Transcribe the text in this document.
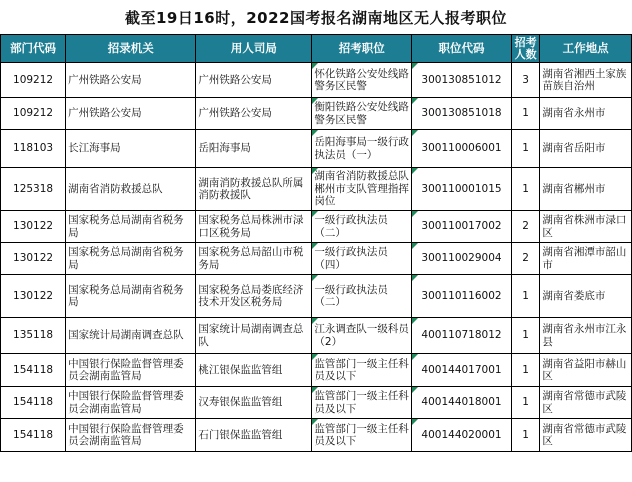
截至19日16时，2022国考报名湖南地区无人报考职位
部门代码	招录机关	用人司局	招考职位	职位代码	招考人数	工作地点
109212	广州铁路公安局	广州铁路公安局	怀化铁路公安处线路警务区民警	300130851012	3	湖南省湘西土家族苗族自治州
109212	广州铁路公安局	广州铁路公安局	衡阳铁路公安处线路警务区民警	300130851018	1	湖南省永州市
118103	长江海事局	岳阳海事局	岳阳海事局一级行政执法员（一）	300110006001	1	湖南省岳阳市
125318	湖南省消防救援总队	湖南消防救援总队所属消防救援队	湖南省消防救援总队郴州市支队管理指挥岗位	300110001015	1	湖南省郴州市
130122	国家税务总局湖南省税务局	国家税务总局株洲市渌口区税务局	一级行政执法员（二）	300110017002	2	湖南省株洲市渌口区
130122	国家税务总局湖南省税务局	国家税务总局韶山市税务局	一级行政执法员（四）	300110029004	2	湖南省湘潭市韶山市
130122	国家税务总局湖南省税务局	国家税务总局娄底经济技术开发区税务局	一级行政执法员（二）	300110116002	1	湖南省娄底市
135118	国家统计局湖南调查总队	国家统计局湖南调查总队	江永调查队一级科员（2）	400110718012	1	湖南省永州市江永县
154118	中国银行保险监督管理委员会湖南监管局	桃江银保监监管组	监管部门一级主任科员及以下	400144017001	1	湖南省益阳市赫山区
154118	中国银行保险监督管理委员会湖南监管局	汉寿银保监监管组	监管部门一级主任科员及以下	400144018001	1	湖南省常德市武陵区
154118	中国银行保险监督管理委员会湖南监管局	石门银保监监管组	监管部门一级主任科员及以下	400144020001	1	湖南省常德市武陵区
